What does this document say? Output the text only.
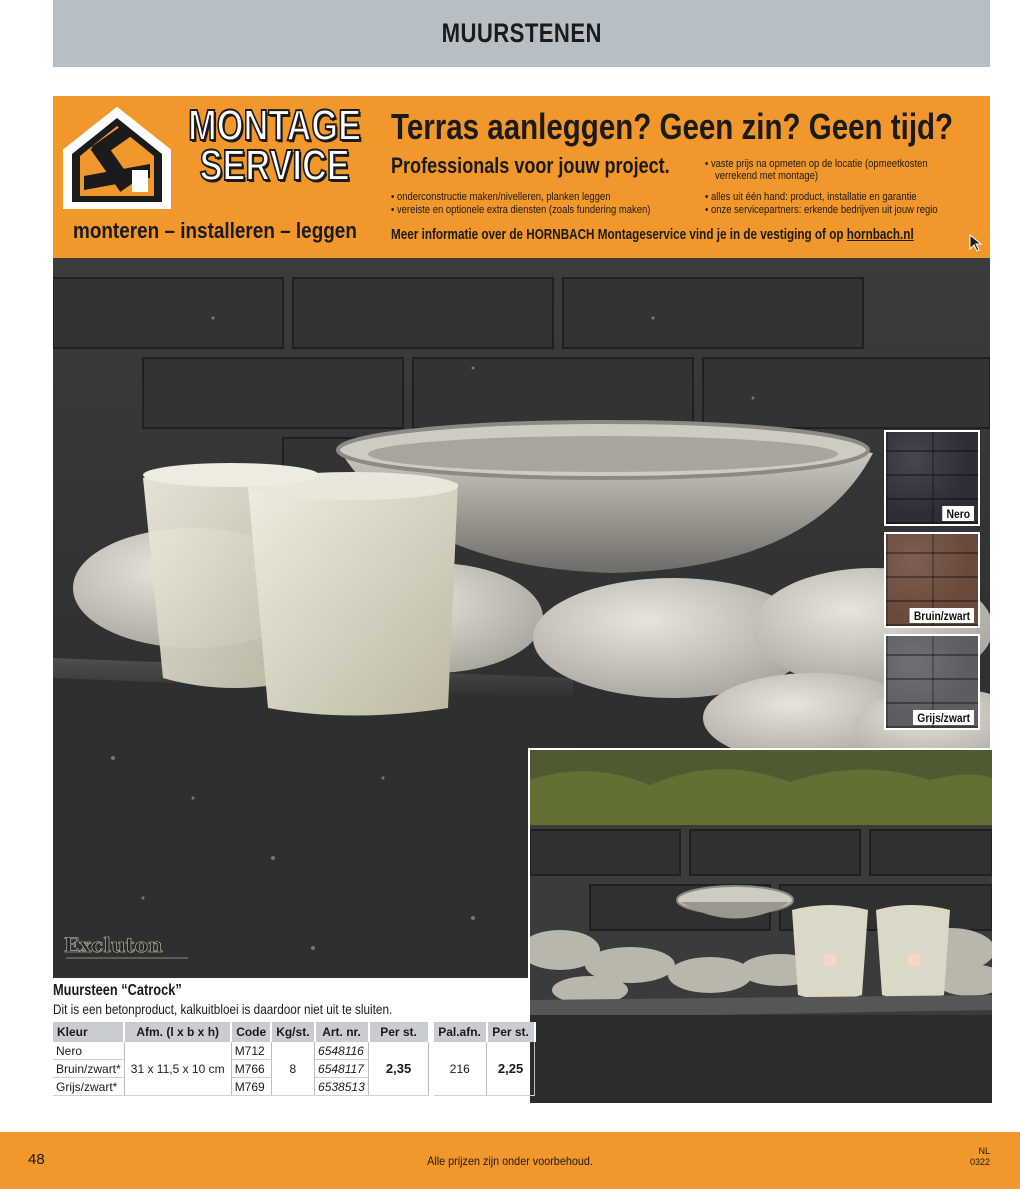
MUURSTENEN
MONTAGE
SERVICE
monteren – installeren – leggen
Terras aanleggen? Geen zin? Geen tijd?
Professionals voor jouw project.
• onderconstructie maken/nivelleren, planken leggen
• vereiste en optionele extra diensten (zoals fundering maken)
• vaste prijs na opmeten op de locatie (opmeetkosten
verrekend met montage)
• alles uit één hand: product, installatie en garantie
• onze servicepartners: erkende bedrijven uit jouw regio
Meer informatie over de HORNBACH Montageservice vind je in de vestiging of op hornbach.nl
Nero
Bruin/zwart
Grijs/zwart
Excluton
Muursteen “Catrock”
Dit is een betonproduct, kalkuitbloei is daardoor niet uit te sluiten.
Kleur	Afm. (l x b x h)	Code	Kg/st.	Art. nr.	Per st.		Pal.afn.	Per st.
Nero	31 x 11,5 x 10 cm	M712	8	6548116	2,35		216	2,25
Bruin/zwart*		M766		6548117				
Grijs/zwart*		M769		6538513				
48	Alle prijzen zijn onder voorbehoud.
NL
0322
